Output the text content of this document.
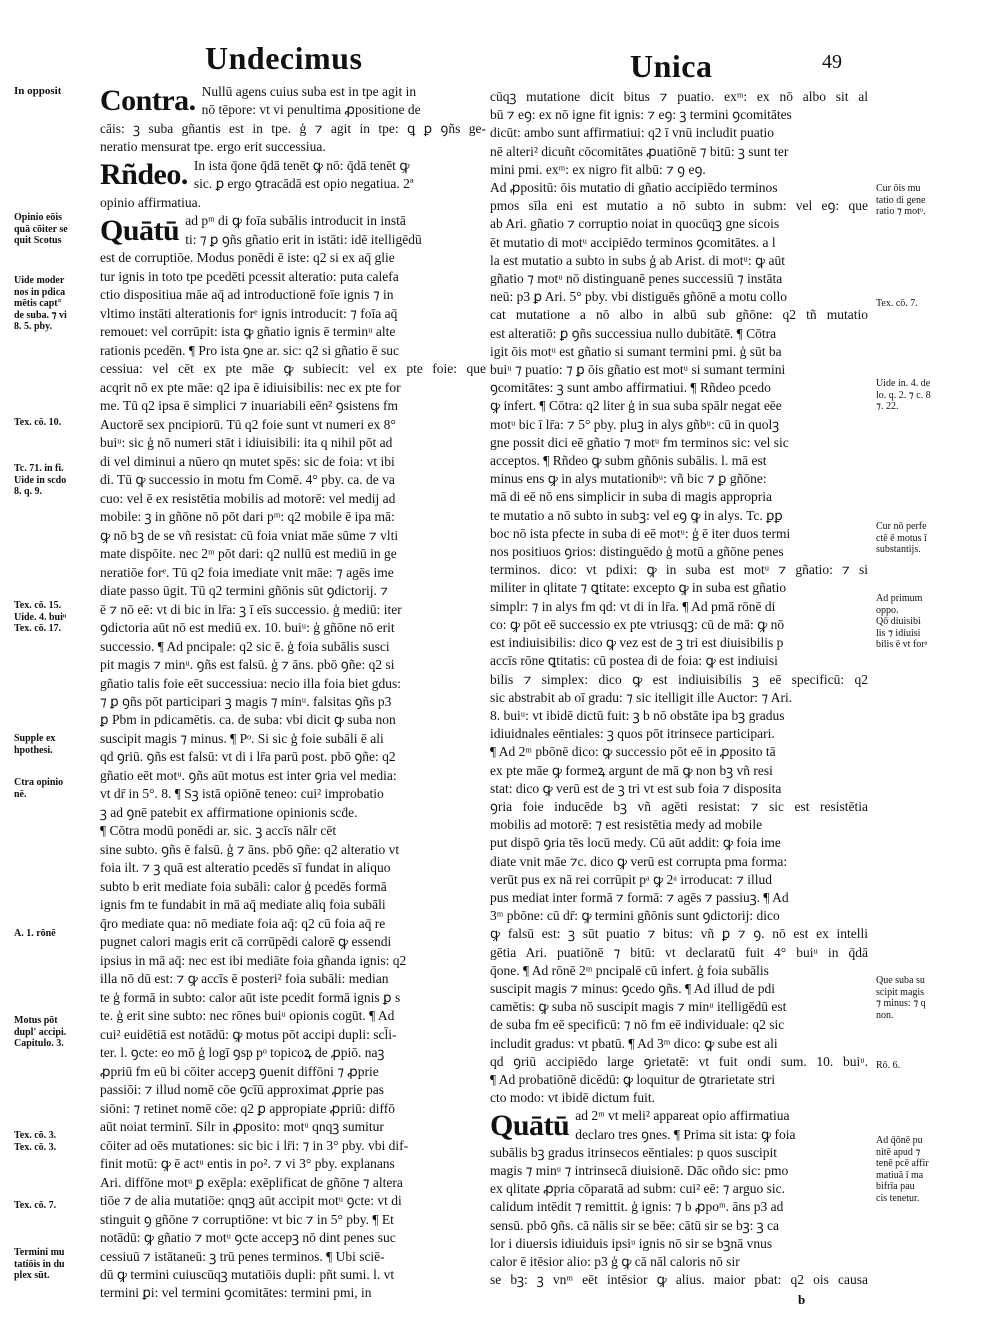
Undecimus	Unica	49
Contra. Nullū agens cuius suba est in tpe agit in
nō tēpore: vt vi penultima ꝓpositione de
cāis: ꝫ suba gñantis est in tpe. ģ ⁊ agit in tpe: ꝗ ꝑ ꝯñs ge-
neratio mensurat tpe. ergo erit successiua.
Rñdeo. In ista q̄one q̄dā tenēt ꝙ nō: q̄dā tenēt ꝙ
sic. ꝑ ergo ꝯtracādā est opio negatiua. 2ª
opinio affirmatiua.
Quātū ad pᵐ di ꝙ foīa subālis introducit in instā
ti: ⁊ ꝑ ꝯñs gñatio erit in istāti: idē itelligēdū
est de corruptiōe. Modus ponēdi ē iste: q2 si ex aq̄ glie
tur ignis in toto tpe pcedēti pcessit alteratio: puta calefa
ctio dispositiua māe aq̄ ad introductionē foīe ignis ⁊ in
vltimo instāti alterationis forᵉ ignis introducit: ⁊ foīa aq̄
remouet: vel corrūpit: ista ꝙ gñatio ignis ē terminᵘ alte
rationis pcedēn. ¶ Pro ista ꝯne ar. sic: q2 si gñatio ē suc
cessiua: vel cēt ex pte māe ꝙ subiecit: vel ex pte foie: que
acqrit nō ex pte māe: q2 ipa ē idiuisibilis: nec ex pte for
me. Tū q2 ipsa ē simplici ⁊ inuariabili eēn² ꝯsistens fm
Auctorē sex pncipiorū. Tū q2 foie sunt vt numeri ex 8°
buiᵘ: sic ģ nō numeri stāt i idiuisibili: ita q nihil pōt ad
di vel diminui a nūero qn mutet spēs: sic de foia: vt ibi
di. Tū ꝙ successio in motu fm Comē. 4° pby. ca. de va
cuo: vel ē ex resistētia mobilis ad motorē: vel medij ad
mobile: ꝫ in gñōne nō pōt dari pᵐ: q2 mobile ē ipa mā:
ꝙ nō bꝫ de se vñ resistat: cū foia vniat māe sūme ⁊ vlti
mate dispōite. nec 2ᵐ pōt dari: q2 nullū est mediū in ge
neratiōe forᵉ. Tū q2 foia imediate vnit māe: ⁊ agēs ime
diate passo ūgit. Tū q2 termini gñōnis sūt ꝯdictorij. ⁊
ē ⁊ nō eē: vt di bic in lr̄a: ꝫ ī eīs successio. ģ mediū: iter
ꝯdictoria aūt nō est mediū ex. 10. buiᵘ: ģ gñōne nō erit
successio. ¶ Ad pncipale: q2 sic ē. ģ foia subālis susci
pit magis ⁊ minᵘ. ꝯñs est falsū. ģ ⁊ āns. pbō ꝯñe: q2 si
gñatio talis foie eēt successiua: necio illa foia biet gdus:
⁊ ꝑ ꝯñs pōt participari ꝫ magis ⁊ minᵘ. falsitas ꝯñs p3
ꝑ Pbm in pdicamētis. ca. de suba: vbi dicit ꝙ suba non
suscipit magis ⁊ minus. ¶ Pᵒ. Si sic ģ foie subāli ē ali
qd ꝯriū. ꝯñs est falsū: vt di i lr̄a parū post. pbō ꝯñe: q2
gñatio eēt motᵘ. ꝯñs aūt motus est inter ꝯria vel media:
vt dr̄ in 5°. 8. ¶ Sꝫ istā opiōnē teneo: cui² improbatio
ꝫ ad ꝯnē patebit ex affirmatione opinionis scḋe.
¶ Cōtra modū ponēdi ar. sic. ꝫ accīs nālr cēt
sine subto. ꝯñs ē falsū. ģ ⁊ āns. pbō ꝯñe: q2 alteratio vt
foia ilt. ⁊ ꝫ quā est alteratio pcedēs sī fundat in aliquo
subto b erit mediate foia subāli: calor ģ pcedēs formā
ignis fm te fundabit in mā aq̄ mediate aliq foia subāli
q̄ro mediate qua: nō mediate foia aq̄: q2 cū foia aq̄ re
pugnet calori magis erit cā corrūpēdi calorē ꝙ essendi
ipsius in mā aq̄: nec est ibi mediāte foia gñanda ignis: q2
illa nō dū est: ⁊ ꝙ accīs ē posteri² foia subāli: median
te ģ formā in subto: calor aūt iste pcedit formā ignis ꝑ s
te. ģ erit sine subto: nec rōnes buiᵘ opionis cogūt. ¶ Ad
cui² euidētiā est notādū: ꝙ motus pōt accipi dupli: scl̄i-
ter. l. ꝯcte: eo mō ģ logī ꝯsp pᵒ topicoꝝ de ꝓpiō. naꝫ
ꝓpriū fm eū bi cōiter accepꝫ ꝯuenit diffōni ⁊ ꝓprie
passiōi: ⁊ illud nomē cōe ꝯcīū approximat ꝓprie pas
siōni: ⁊ retinet nomē cōe: q2 ꝑ appropiate ꝓpriū: diffō
aūt noiat terminī. Silr in ꝓposito: motᵘ qnqꝫ sumitur
cōiter ad oēs mutationes: sic bic i lr̄i: ⁊ in 3° pby. vbi dif-
finit motū: ꝙ ē actᵘ entis in po². ⁊ vi 3° pby. explanans
Ari. diffōne motᵘ ꝑ exēpla: exēplificat de gñōne ⁊ altera
tiōe ⁊ de alia mutatiōe: qnqꝫ aūt accipit motᵘ ꝯcte: vt di
stinguit ꝯ gñōne ⁊ corruptiōne: vt bic ⁊ in 5° pby. ¶ Et
notādū: ꝙ gñatio ⁊ motᵘ ꝯcte accepꝫ nō dint penes suc
cessiuū ⁊ istātaneū: ꝫ trū penes terminos. ¶ Ubi sciē-
dū ꝙ termini cuiuscūqꝫ mutatiōis dupli: pñt sumi. l. vt
termini ꝑi: vel termini ꝯcomitātes: termini pmi, in
cūqꝫ mutatione dicit bitus ⁊ puatio. exᵐ: ex nō albo sit al
bū ⁊ eꝯ: ex nō igne fit ignis: ⁊ eꝯ: ꝫ termini ꝯcomitātes
dicūt: ambo sunt affirmatiui: q2 ī vnū includit puatio
nē alteri² dicuñt cōcomitātes ꝓuatiōnē ⁊ bitū: ꝫ sunt ter
mini pmi. exᵐ: ex nigro fit albū: ⁊ ꝯ eꝯ.
Ad ꝓpositū: ōis mutatio di gñatio accipiēdo terminos
pmos sīla eni est mutatio a nō subto in subm: vel eꝯ: que
ab Ari. gñatio ⁊ corruptio noiat in quocūqꝫ gne sicois
ēt mutatio di motᵘ accipiēdo terminos ꝯcomitātes. a l
la est mutatio a subto in subs ģ ab Arist. di motᵘ: ꝙ aūt
gñatio ⁊ motᵘ nō distinguanē penes successiū ⁊ instāta
neū: p3 ꝑ Ari. 5° pby. vbi distiguēs gñōnē a motu collo
cat mutatione a nō albo in albū sub gñōne: q2 tñ mutatio
est alteratiō: ꝑ ꝯñs successiua nullo dubitātē. ¶ Cōtra
igit ōis motᵘ est gñatio si sumant termini pmi. ģ sūt ba
buiᵘ ⁊ puatio: ⁊ ꝑ ōis gñatio est motᵘ si sumant termini
ꝯcomitātes: ꝫ sunt ambo affirmatiui. ¶ Rñdeo pcedo
ꝙ infert. ¶ Cōtra: q2 liter ģ in sua suba spālr negat eēe
motᵘ bic ī lr̄a: ⁊ 5° pby. pluꝫ in alys gñbᵘ: cū in quolꝫ
gne possit dici eē gñatio ⁊ motᵘ fm terminos sic: vel sic
acceptos. ¶ Rñdeo ꝙ subm gñōnis subālis. l. mā est
minus ens ꝙ in alys mutationibᵘ: vñ bic ⁊ ꝑ gñōne:
mā di eē nō ens simplicir in suba di magis appropria
te mutatio a nō subto in subꝫ: vel eꝯ ꝙ in alys. Tc. ꝑꝑ
boc nō ista pfecte in suba di eē motᵘ: ģ ē iter duos termi
nos positiuos ꝯrios: distinguēdo ģ motū a gñōne penes
terminos. dico: vt pdixi: ꝙ in suba est motᵘ ⁊ gñatio: ⁊ si
militer in qlitate ⁊ ꝗtitate: excepto ꝙ in suba est gñatio
simplr: ⁊ in alys fm qd: vt di in lr̄a. ¶ Ad pmā rōnē di
co: ꝙ pōt eē successio ex pte vtriusqꝫ: cū de mā: ꝙ nō
est indiuisibilis: dico ꝙ vez est de ꝫ tri est diuisibilis p
accīs rōne ꝗtitatis: cū postea di de foia: ꝙ est indiuisi
bilis ⁊ simplex: dico ꝙ est indiuisibilis ꝫ eē specificū: q2
sic abstrabit ab oī gradu: ⁊ sic itelligit ille Auctor: ⁊ Ari.
8. buiᵘ: vt ibidē dictū fuit: ꝫ b nō obstāte ipa bꝫ gradus
idiuidnales eēntiales: ꝫ quos pōt itrinsece participari.
¶ Ad 2ᵐ pbōnē dico: ꝙ successio pōt eē in ꝓposito tā
ex pte māe ꝙ formeꝝ argunt de mā ꝙ non bꝫ vñ resi
stat: dico ꝙ verū est de ꝫ tri vt est sub foia ⁊ disposita
ꝯria foie inducēde bꝫ vñ agēti resistat: ⁊ sic est resistētia
mobilis ad motorē: ⁊ est resistētia medy ad mobile
put dispō ꝯria tēs locū medy. Cū aūt addit: ꝙ foia ime
diate vnit māe ⁊c. dico ꝙ verū est corrupta pma forma:
verūt pus ex nā rei corrūpit pᵃ ꝙ 2ᵃ irroducat: ⁊ illud
pus mediat inter formā ⁊ formā: ⁊ agēs ⁊ passiuꝫ. ¶ Ad
3ᵐ pbōne: cū dr̄: ꝙ termini gñōnis sunt ꝯdictorij: dico
ꝙ falsū est: ꝫ sūt puatio ⁊ bitus: vñ ꝑ ⁊ ꝯ. nō est ex intelli
gētia Ari. puatiōnē ⁊ bitū: vt declaratū fuit 4° buiᵘ in q̄dā
q̄one. ¶ Ad rōnē 2ᵐ pncipalē cū infert. ģ foia subālis
suscipit magis ⁊ minus: ꝯcedo ꝯñs. ¶ Ad illud de pdi
camētis: ꝙ suba nō suscipit magis ⁊ minᵘ itelligēdū est
de suba fm eē specificū: ⁊ nō fm eē individuale: q2 sic
includit gradus: vt pbatū. ¶ Ad 3ᵐ dico: ꝙ sube est ali
qd ꝯriū accipiēdo large ꝯrietatē: vt fuit ondi sum. 10. buiᵘ.
¶ Ad probatiōnē dicēdū: ꝙ loquitur de ꝯtrarietate stri
cto modo: vt ibidē dictum fuit.
Quātū ad 2ᵐ vt meli² appareat opio affirmatiua
declaro tres ꝯnes. ¶ Prima sit ista: ꝙ foia
subālis bꝫ gradus itrinsecos eēntiales: p quos suscipit
magis ⁊ minᵘ ⁊ intrinsecā diuisionē. Dāc oñdo sic: pmo
ex qlitate ꝓpria cōparatā ad subm: cui² eē: ⁊ arguo sic.
calidum intēdit ⁊ remittit. ģ ignis: ⁊ b ꝓpoᵐ. āns p3 ad
sensū. pbō ꝯñs. cā nālis sir se bēe: cātū sir se bꝫ: ꝫ ca
lor i diuersis idiuiduis ipsiᵘ ignis nō sir se bꝫnā vnus
calor ē itēsior alio: p3 ģ ꝙ cā nāl caloris nō sir
se bꝫ: ꝫ vnᵐ eēt intēsior ꝙ alius. maior pbat: q2 ois causa
In opposit
Opinio eōis
quā cōiter se
quit Scotus
Uide moder
nos in pdica
mētis capt°
de suba. ⁊ vi
8. 5. pby.
Tex. cō. 10.
Tc. 71. in fi.
Uide in scdo
8. q. 9.
Tex. cō. 15.
Uide. 4. buiᵘ
Tex. cō. 17.
Supple ex
hpothesi.
Ctra opinio
nē.
A. 1. rōnē
Motus pōt
dupl' accipi.
Capitulo. 3.
Tex. cō. 3.
Tex. cō. 3.
Tex. cō. 7.
Termini mu
tatiōis in du
plex sūt.
Cur ōis mu
tatio di gene
ratio ⁊ motᵘ.
Tex. cō. 7.
Uide in. 4. de
lo. q. 2. ⁊ c. 8
⁊. 22.
Cur nō perfe
ctē ē motus ī
substantijs.
Ad primum
oppo.
Qō diuisibi
lis ⁊ idiuisi
bilis ē vt forᵃ
Que suba su
scipit magis
⁊ minus: ⁊ q
non.
Rō. 6.
Ad q̄ōnē pu
nitē apud ⁊
tenē pcē affir
matiuā ī ma
bifrīa pau
cis tenetur.
b
